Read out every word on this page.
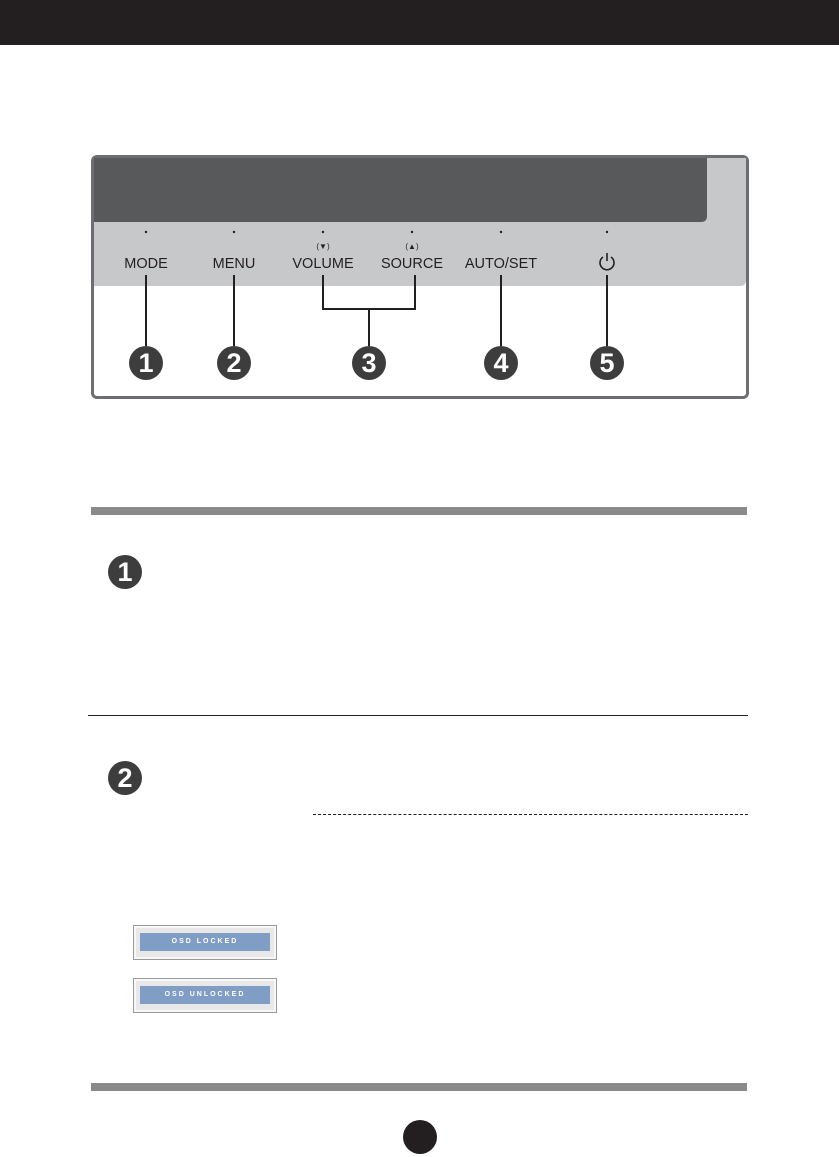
(▼)	(▲)
MODE	MENU	VOLUME SOURCE AUTO/SET
1	2	3	4	5
1
2
OSD LOCKED
OSD UNLOCKED
